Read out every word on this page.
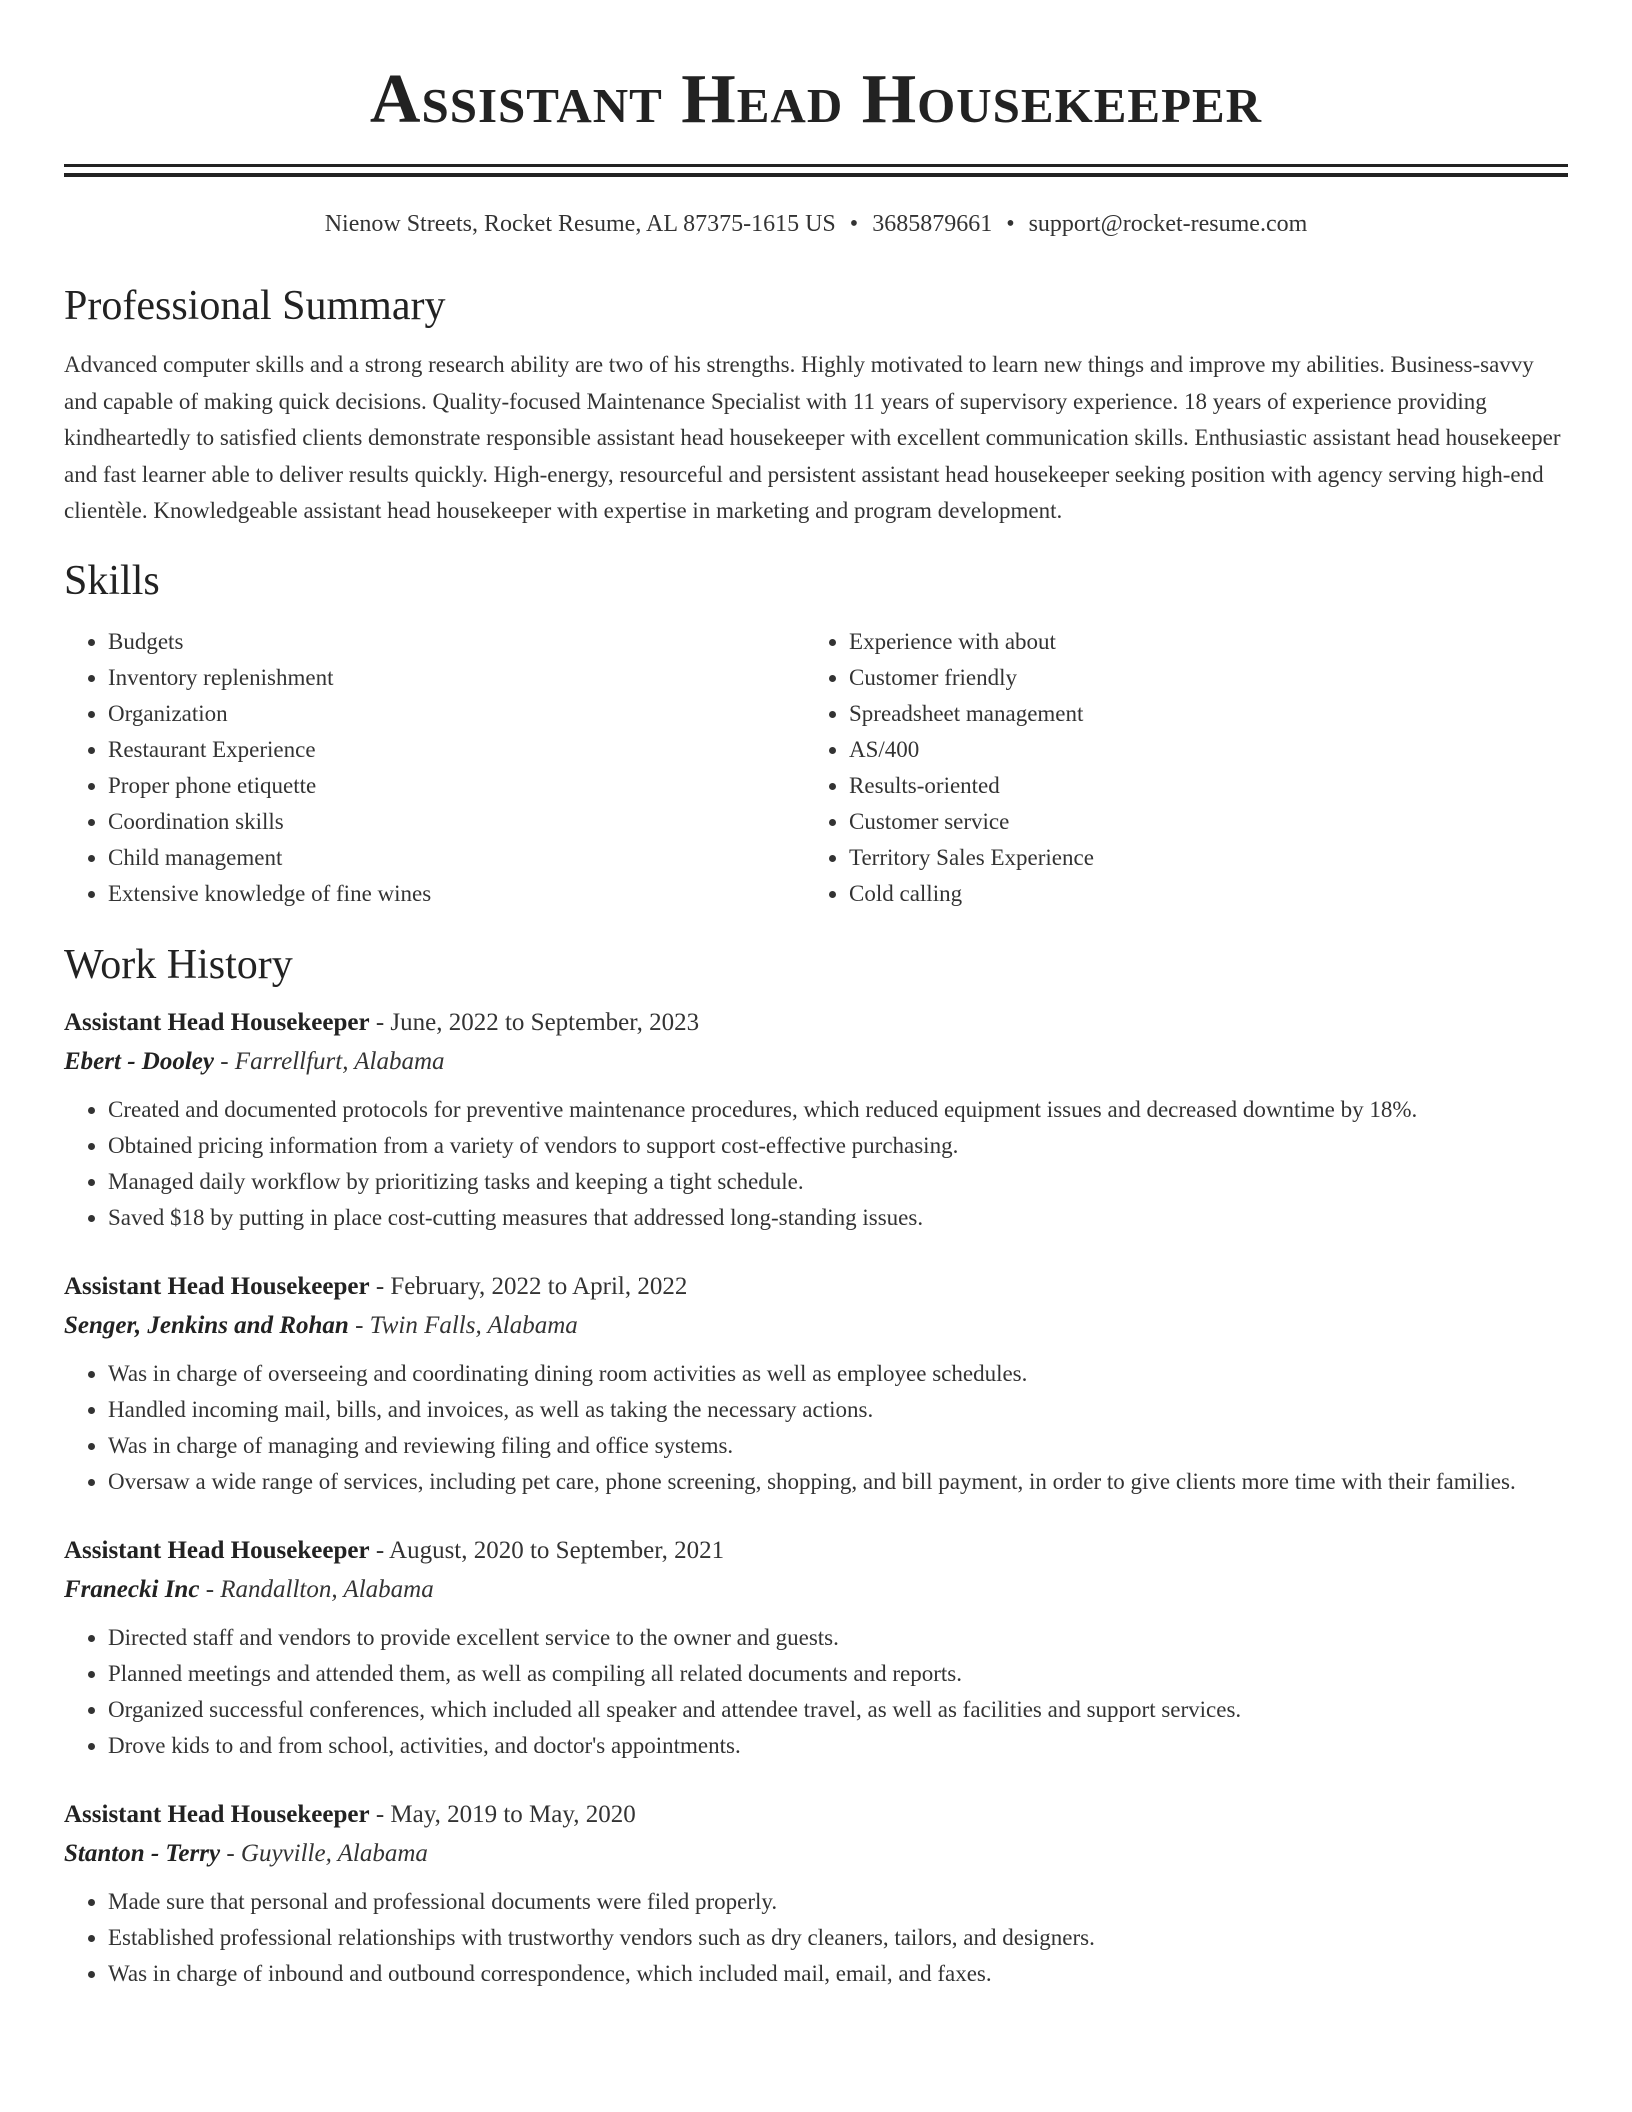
Assistant Head Housekeeper
Nienow Streets, Rocket Resume, AL 87375-1615 US • 3685879661 • support@rocket-resume.com
Professional Summary
Advanced computer skills and a strong research ability are two of his strengths. Highly motivated to learn new things and improve my abilities. Business-savvy and capable of making quick decisions. Quality-focused Maintenance Specialist with 11 years of supervisory experience. 18 years of experience providing kindheartedly to satisfied clients demonstrate responsible assistant head housekeeper with excellent communication skills. Enthusiastic assistant head housekeeper and fast learner able to deliver results quickly. High-energy, resourceful and persistent assistant head housekeeper seeking position with agency serving high-end clientèle. Knowledgeable assistant head housekeeper with expertise in marketing and program development.
Skills
• Budgets
• Inventory replenishment
• Organization
• Restaurant Experience
• Proper phone etiquette
• Coordination skills
• Child management
• Extensive knowledge of fine wines
• Experience with about
• Customer friendly
• Spreadsheet management
• AS/400
• Results-oriented
• Customer service
• Territory Sales Experience
• Cold calling
Work History
Assistant Head Housekeeper - June, 2022 to September, 2023
Ebert - Dooley - Farrellfurt, Alabama
• Created and documented protocols for preventive maintenance procedures, which reduced equipment issues and decreased downtime by 18%.
• Obtained pricing information from a variety of vendors to support cost-effective purchasing.
• Managed daily workflow by prioritizing tasks and keeping a tight schedule.
• Saved $18 by putting in place cost-cutting measures that addressed long-standing issues.
Assistant Head Housekeeper - February, 2022 to April, 2022
Senger, Jenkins and Rohan - Twin Falls, Alabama
• Was in charge of overseeing and coordinating dining room activities as well as employee schedules.
• Handled incoming mail, bills, and invoices, as well as taking the necessary actions.
• Was in charge of managing and reviewing filing and office systems.
• Oversaw a wide range of services, including pet care, phone screening, shopping, and bill payment, in order to give clients more time with their families.
Assistant Head Housekeeper - August, 2020 to September, 2021
Franecki Inc - Randallton, Alabama
• Directed staff and vendors to provide excellent service to the owner and guests.
• Planned meetings and attended them, as well as compiling all related documents and reports.
• Organized successful conferences, which included all speaker and attendee travel, as well as facilities and support services.
• Drove kids to and from school, activities, and doctor's appointments.
Assistant Head Housekeeper - May, 2019 to May, 2020
Stanton - Terry - Guyville, Alabama
• Made sure that personal and professional documents were filed properly.
• Established professional relationships with trustworthy vendors such as dry cleaners, tailors, and designers.
• Was in charge of inbound and outbound correspondence, which included mail, email, and faxes.
